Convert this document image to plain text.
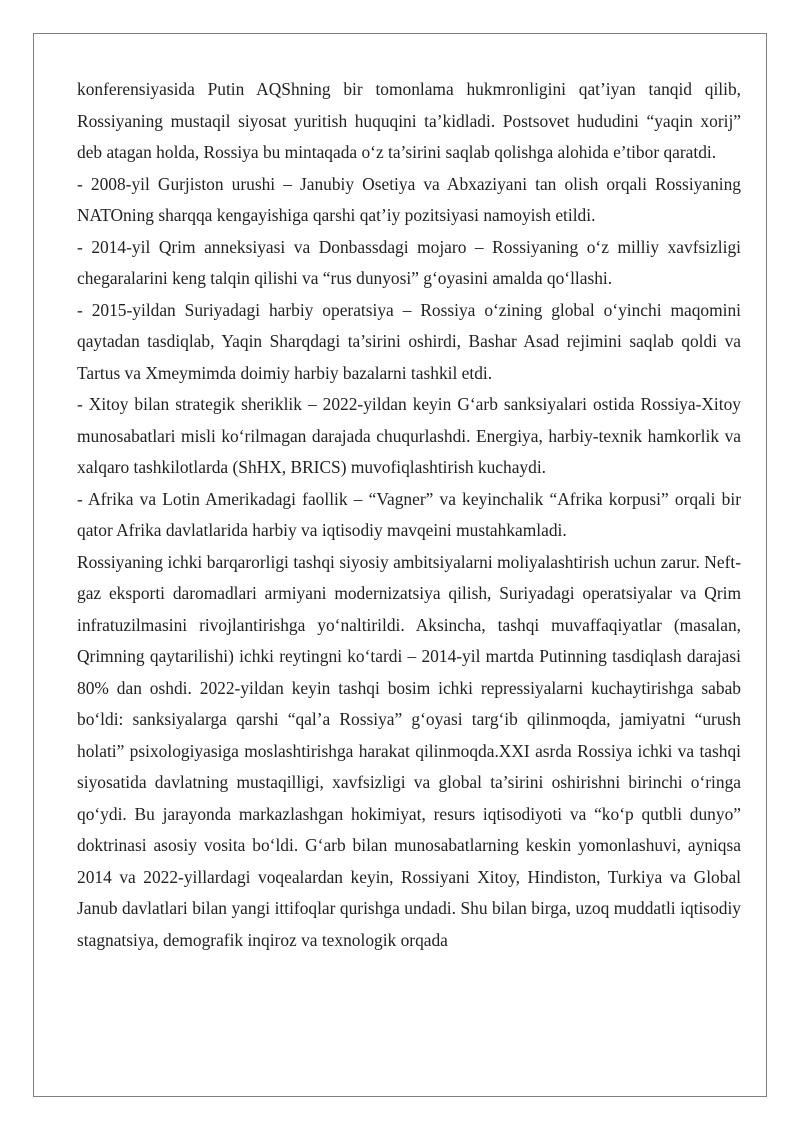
konferensiyasida Putin AQShning bir tomonlama hukmronligini qat’iyan tanqid qilib, Rossiyaning mustaqil siyosat yuritish huquqini ta’kidladi. Postsovet hududini “yaqin xorij” deb atagan holda, Rossiya bu mintaqada o‘z ta’sirini saqlab qolishga alohida e’tibor qaratdi.

- 2008-yil Gurjiston urushi – Janubiy Osetiya va Abxaziyani tan olish orqali Rossiyaning NATOning sharqqa kengayishiga qarshi qat’iy pozitsiyasi namoyish etildi.

- 2014-yil Qrim anneksiyasi va Donbassdagi mojaro – Rossiyaning o‘z milliy xavfsizligi chegaralarini keng talqin qilishi va “rus dunyosi” g‘oyasini amalda qo‘llashi.

- 2015-yildan Suriyadagi harbiy operatsiya – Rossiya o‘zining global o‘yinchi maqomini qaytadan tasdiqlab, Yaqin Sharqdagi ta’sirini oshirdi, Bashar Asad rejimini saqlab qoldi va Tartus va Xmeymimda doimiy harbiy bazalarni tashkil etdi.

- Xitoy bilan strategik sheriklik – 2022-yildan keyin G‘arb sanksiyalari ostida Rossiya-Xitoy munosabatlari misli ko‘rilmagan darajada chuqurlashdi. Energiya, harbiy-texnik hamkorlik va xalqaro tashkilotlarda (ShHX, BRICS) muvofiqlashtirish kuchaydi.

- Afrika va Lotin Amerikadagi faollik – “Vagner” va keyinchalik “Afrika korpusi” orqali bir qator Afrika davlatlarida harbiy va iqtisodiy mavqeini mustahkamladi.

Rossiyaning ichki barqarorligi tashqi siyosiy ambitsiyalarni moliyalashtirish uchun zarur. Neft-gaz eksporti daromadlari armiyani modernizatsiya qilish, Suriyadagi operatsiyalar va Qrim infratuzilmasini rivojlantirishga yo‘naltirildi. Aksincha, tashqi muvaffaqiyatlar (masalan, Qrimning qaytarilishi) ichki reytingni ko‘tardi – 2014-yil martda Putinning tasdiqlash darajasi 80% dan oshdi. 2022-yildan keyin tashqi bosim ichki repressiyalarni kuchaytirishga sabab bo‘ldi: sanksiyalarga qarshi “qal’a Rossiya” g‘oyasi targ‘ib qilinmoqda, jamiyatni “urush holati” psixologiyasiga moslashtirishga harakat qilinmoqda.XXI asrda Rossiya ichki va tashqi siyosatida davlatning mustaqilligi, xavfsizligi va global ta’sirini oshirishni birinchi o‘ringa qo‘ydi. Bu jarayonda markazlashgan hokimiyat, resurs iqtisodiyoti va “ko‘p qutbli dunyo” doktrinasi asosiy vosita bo‘ldi. G‘arb bilan munosabatlarning keskin yomonlashuvi, ayniqsa 2014 va 2022-yillardagi voqealardan keyin, Rossiyani Xitoy, Hindiston, Turkiya va Global Janub davlatlari bilan yangi ittifoqlar qurishga undadi. Shu bilan birga, uzoq muddatli iqtisodiy stagnatsiya, demografik inqiroz va texnologik orqada
